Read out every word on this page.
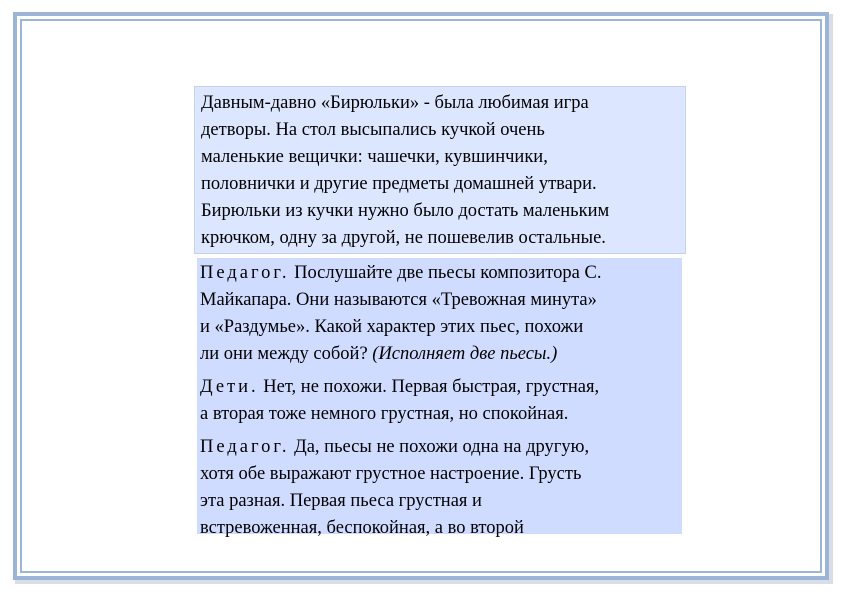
Давным-давно «Бирюльки» - была любимая игра
детворы. На стол высыпались кучкой очень
маленькие вещички: чашечки, кувшинчики,
половнички и другие предметы домашней утвари.
Бирюльки из кучки нужно было достать маленьким
крючком, одну за другой, не пошевелив остальные.

Педагог. Послушайте две пьесы композитора С.
Майкапара. Они называются «Тревожная минута»
и «Раздумье». Какой характер этих пьес, похожи
ли они между собой? (Исполняет две пьесы.)

Дети. Нет, не похожи. Первая быстрая, грустная,
а вторая тоже немного грустная, но спокойная.

Педагог. Да, пьесы не похожи одна на другую,
хотя обе выражают грустное настроение. Грусть
эта разная. Первая пьеса грустная и
встревоженная, беспокойная, а во второй
